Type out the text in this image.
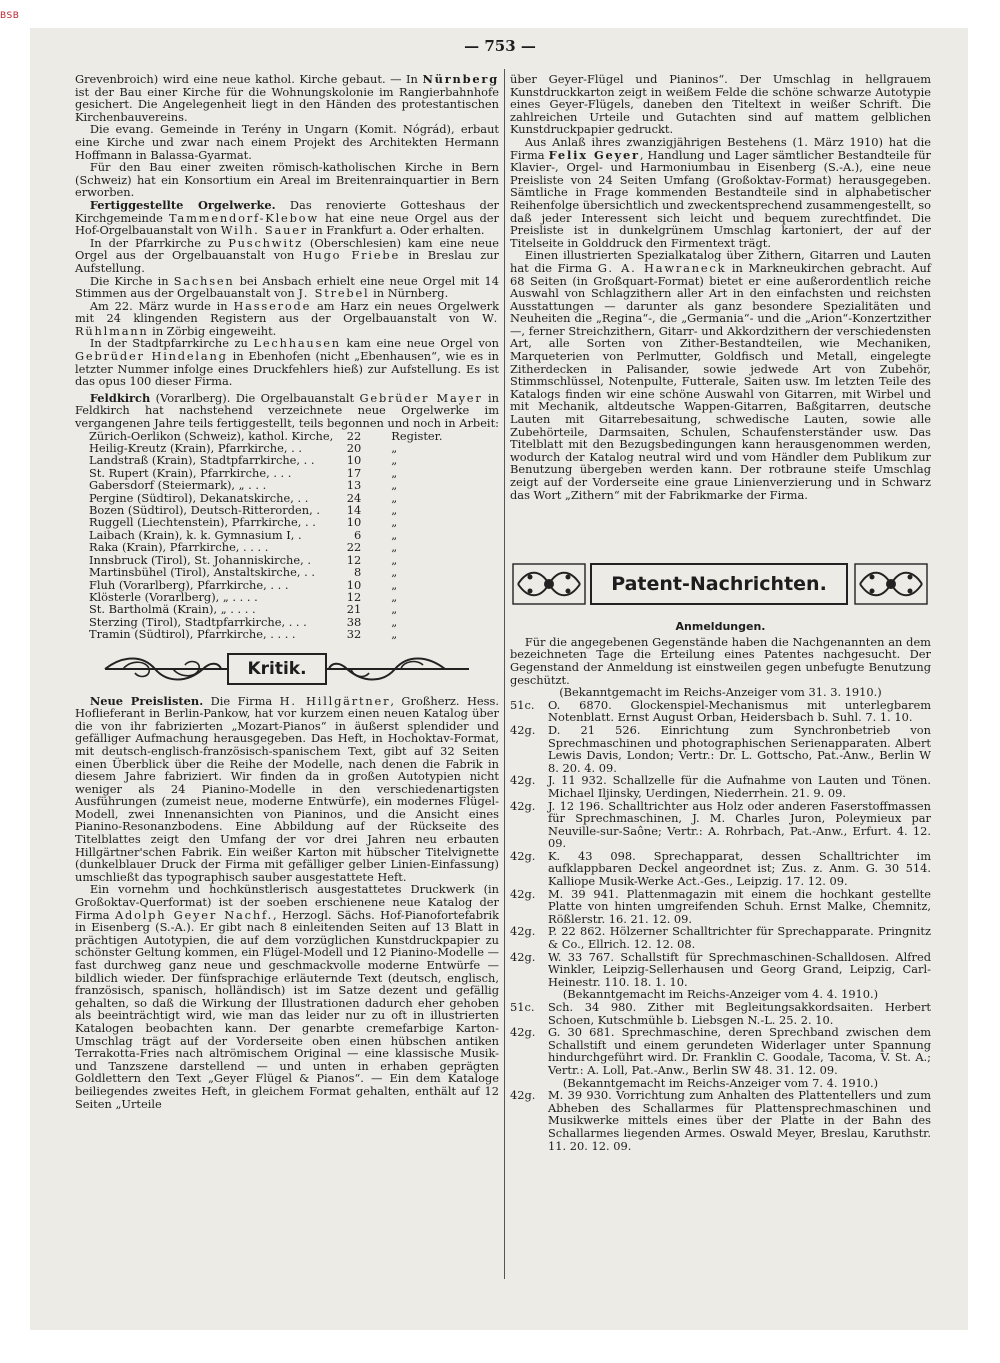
BSB
— 753 —

Grevenbroich) wird eine neue kathol. Kirche gebaut. — In Nürnberg ist der Bau einer Kirche für die Wohnungskolonie im Rangierbahnhofe gesichert. Die Angelegenheit liegt in den Händen des protestantischen Kirchenbauvereins.

Die evang. Gemeinde in Terény in Ungarn (Komit. Nógrád), erbaut eine Kirche und zwar nach einem Projekt des Architekten Hermann Hoffmann in Balassa-Gyarmat.

Für den Bau einer zweiten römisch-katholischen Kirche in Bern (Schweiz) hat ein Konsortium ein Areal im Breitenrainquartier in Bern erworben.

Fertiggestellte Orgelwerke. Das renovierte Gotteshaus der Kirchgemeinde Tammendorf-Klebow hat eine neue Orgel aus der Hof-Orgelbauanstalt von Wilh. Sauer in Frankfurt a. Oder erhalten.

In der Pfarrkirche zu Puschwitz (Oberschlesien) kam eine neue Orgel aus der Orgelbauanstalt von Hugo Friebe in Breslau zur Aufstellung.

Die Kirche in Sachsen bei Ansbach erhielt eine neue Orgel mit 14 Stimmen aus der Orgelbauanstalt von J. Strebel in Nürnberg.

Am 22. März wurde in Hasserode am Harz ein neues Orgelwerk mit 24 klingenden Registern aus der Orgelbauanstalt von W. Rühlmann in Zörbig eingeweiht.

In der Stadtpfarrkirche zu Lechhausen kam eine neue Orgel von Gebrüder Hindelang in Ebenhofen (nicht „Ebenhausen“, wie es in letzter Nummer infolge eines Druckfehlers hieß) zur Aufstellung. Es ist das opus 100 dieser Firma.

Feldkirch (Vorarlberg). Die Orgelbauanstalt Gebrüder Mayer in Feldkirch hat nachstehend verzeichnete neue Orgelwerke im vergangenen Jahre teils fertiggestellt, teils begonnen und noch in Arbeit:

Zürich-Oerlikon (Schweiz), kathol. Kirche,	22	Register.
Heilig-Kreutz (Krain), Pfarrkirche, . .	20	„
Landstraß (Krain), Stadtpfarrkirche, . .	10	„
St. Rupert (Krain), Pfarrkirche, . . .	17	„
Gabersdorf (Steiermark), „ . . .	13	„
Pergine (Südtirol), Dekanatskirche, . .	24	„
Bozen (Südtirol), Deutsch-Ritterorden, .	14	„
Ruggell (Liechtenstein), Pfarrkirche, . .	10	„
Laibach (Krain), k. k. Gymnasium I, .	6	„
Raka (Krain), Pfarrkirche, . . . .	22	„
Innsbruck (Tirol), St. Johanniskirche, .	12	„
Martinsbühel (Tirol), Anstaltskirche, . .	8	„
Fluh (Vorarlberg), Pfarrkirche, . . .	10	„
Klösterle (Vorarlberg), „ . . . .	12	„
St. Bartholmä (Krain), „ . . . .	21	„
Sterzing (Tirol), Stadtpfarrkirche, . . .	38	„
Tramin (Südtirol), Pfarrkirche, . . . .	32	„
Kritik.

Neue Preislisten. Die Firma H. Hillgärtner, Großherz. Hess. Hoflieferant in Berlin-Pankow, hat vor kurzem einen neuen Katalog über die von ihr fabrizierten „Mozart-Pianos“ in äußerst splendider und gefälliger Aufmachung herausgegeben. Das Heft, in Hochoktav-Format, mit deutsch-englisch-französisch-spanischem Text, gibt auf 32 Seiten einen Überblick über die Reihe der Modelle, nach denen die Fabrik in diesem Jahre fabriziert. Wir finden da in großen Autotypien nicht weniger als 24 Pianino-Modelle in den verschiedenartigsten Ausführungen (zumeist neue, moderne Entwürfe), ein modernes Flügel-Modell, zwei Innenansichten von Pianinos, und die Ansicht eines Pianino-Resonanzbodens. Eine Abbildung auf der Rückseite des Titelblattes zeigt den Umfang der vor drei Jahren neu erbauten Hillgärtner'schen Fabrik. Ein weißer Karton mit hübscher Titelvignette (dunkelblauer Druck der Firma mit gefälliger gelber Linien-Einfassung) umschließt das typographisch sauber ausgestattete Heft.

Ein vornehm und hochkünstlerisch ausgestattetes Druckwerk (in Großoktav-Querformat) ist der soeben erschienene neue Katalog der Firma Adolph Geyer Nachf., Herzogl. Sächs. Hof-Pianofortefabrik in Eisenberg (S.-A.). Er gibt nach 8 einleitenden Seiten auf 13 Blatt in prächtigen Autotypien, die auf dem vorzüglichen Kunstdruckpapier zu schönster Geltung kommen, ein Flügel-Modell und 12 Pianino-Modelle — fast durchweg ganz neue und geschmackvolle moderne Entwürfe — bildlich wieder. Der fünfsprachige erläuternde Text (deutsch, englisch, französisch, spanisch, holländisch) ist im Satze dezent und gefällig gehalten, so daß die Wirkung der Illustrationen dadurch eher gehoben als beeinträchtigt wird, wie man das leider nur zu oft in illustrierten Katalogen beobachten kann. Der genarbte cremefarbige Karton-Umschlag trägt auf der Vorderseite oben einen hübschen antiken Terrakotta-Fries nach altrömischem Original — eine klassische Musik- und Tanzszene darstellend — und unten in erhaben geprägten Goldlettern den Text „Geyer Flügel & Pianos“. — Ein dem Kataloge beiliegendes zweites Heft, in gleichem Format gehalten, enthält auf 12 Seiten „Urteile

über Geyer-Flügel und Pianinos“. Der Umschlag in hellgrauem Kunstdruckkarton zeigt in weißem Felde die schöne schwarze Autotypie eines Geyer-Flügels, daneben den Titeltext in weißer Schrift. Die zahlreichen Urteile und Gutachten sind auf mattem gelblichen Kunstdruckpapier gedruckt.

Aus Anlaß ihres zwanzigjährigen Bestehens (1. März 1910) hat die Firma Felix Geyer, Handlung und Lager sämtlicher Bestandteile für Klavier-, Orgel- und Harmoniumbau in Eisenberg (S.-A.), eine neue Preisliste von 24 Seiten Umfang (Großoktav-Format) herausgegeben. Sämtliche in Frage kommenden Bestandteile sind in alphabetischer Reihenfolge übersichtlich und zweckentsprechend zusammengestellt, so daß jeder Interessent sich leicht und bequem zurechtfindet. Die Preisliste ist in dunkelgrünem Umschlag kartoniert, der auf der Titelseite in Golddruck den Firmentext trägt.

Einen illustrierten Spezialkatalog über Zithern, Gitarren und Lauten hat die Firma G. A. Hawraneck in Markneukirchen gebracht. Auf 68 Seiten (in Großquart-Format) bietet er eine außerordentlich reiche Auswahl von Schlagzithern aller Art in den einfachsten und reichsten Ausstattungen — darunter als ganz besondere Spezialitäten und Neuheiten die „Regina“-, die „Germania“- und die „Arion“-Konzertzither —, ferner Streichzithern, Gitarr- und Akkordzithern der verschiedensten Art, alle Sorten von Zither-Bestandteilen, wie Mechaniken, Marqueterien von Perlmutter, Goldfisch und Metall, eingelegte Zitherdecken in Palisander, sowie jedwede Art von Zubehör, Stimmschlüssel, Notenpulte, Futterale, Saiten usw. Im letzten Teile des Katalogs finden wir eine schöne Auswahl von Gitarren, mit Wirbel und mit Mechanik, altdeutsche Wappen-Gitarren, Baßgitarren, deutsche Lauten mit Gitarrebesaitung, schwedische Lauten, sowie alle Zubehörteile, Darmsaiten, Schulen, Schaufensterständer usw. Das Titelblatt mit den Bezugsbedingungen kann herausgenommen werden, wodurch der Katalog neutral wird und vom Händler dem Publikum zur Benutzung übergeben werden kann. Der rotbraune steife Umschlag zeigt auf der Vorderseite eine graue Linienverzierung und in Schwarz das Wort „Zithern“ mit der Fabrikmarke der Firma.

Patent-Nachrichten.

Anmeldungen.

Für die angegebenen Gegenstände haben die Nachgenannten an dem bezeichneten Tage die Erteilung eines Patentes nachgesucht. Der Gegenstand der Anmeldung ist einstweilen gegen unbefugte Benutzung geschützt.

(Bekanntgemacht im Reichs-Anzeiger vom 31. 3. 1910.)

51c.	O. 6870. Glockenspiel-Mechanismus mit unterlegbarem Notenblatt. Ernst August Orban, Heidersbach b. Suhl. 7. 1. 10.
42g.	D. 21 526. Einrichtung zum Synchronbetrieb von Sprechmaschinen und photographischen Serienapparaten. Albert Lewis Davis, London; Vertr.: Dr. L. Gottscho, Pat.-Anw., Berlin W 8. 20. 4. 09.
42g.	J. 11 932. Schallzelle für die Aufnahme von Lauten und Tönen. Michael Iljinsky, Uerdingen, Niederrhein. 21. 9. 09.
42g.	J. 12 196. Schalltrichter aus Holz oder anderen Faserstoffmassen für Sprechmaschinen, J. M. Charles Juron, Poleymieux par Neuville-sur-Saône; Vertr.: A. Rohrbach, Pat.-Anw., Erfurt. 4. 12. 09.
42g.	K. 43 098. Sprechapparat, dessen Schalltrichter im aufklappbaren Deckel angeordnet ist; Zus. z. Anm. G. 30 514. Kalliope Musik-Werke Act.-Ges., Leipzig. 17. 12. 09.
42g.	M. 39 941. Plattenmagazin mit einem die hochkant gestellte Platte von hinten umgreifenden Schuh. Ernst Malke, Chemnitz, Rößlerstr. 16. 21. 12. 09.
42g.	P. 22 862. Hölzerner Schalltrichter für Sprechapparate. Pringnitz & Co., Ellrich. 12. 12. 08.
42g.	W. 33 767. Schallstift für Sprechmaschinen-Schalldosen. Alfred Winkler, Leipzig-Sellerhausen und Georg Grand, Leipzig, Carl-Heinestr. 110. 18. 1. 10.

(Bekanntgemacht im Reichs-Anzeiger vom 4. 4. 1910.)

51c.	Sch. 34 980. Zither mit Begleitungsakkordsaiten. Herbert Schoen, Kutschmühle b. Liebsgen N.-L. 25. 2. 10.
42g.	G. 30 681. Sprechmaschine, deren Sprechband zwischen dem Schallstift und einem gerundeten Widerlager unter Spannung hindurchgeführt wird. Dr. Franklin C. Goodale, Tacoma, V. St. A.; Vertr.: A. Loll, Pat.-Anw., Berlin SW 48. 31. 12. 09.

(Bekanntgemacht im Reichs-Anzeiger vom 7. 4. 1910.)

42g.	M. 39 930. Vorrichtung zum Anhalten des Plattentellers und zum Abheben des Schallarmes für Plattensprechmaschinen und Musikwerke mittels eines über der Platte in der Bahn des Schallarmes liegenden Armes. Oswald Meyer, Breslau, Karuthstr. 11. 20. 12. 09.
